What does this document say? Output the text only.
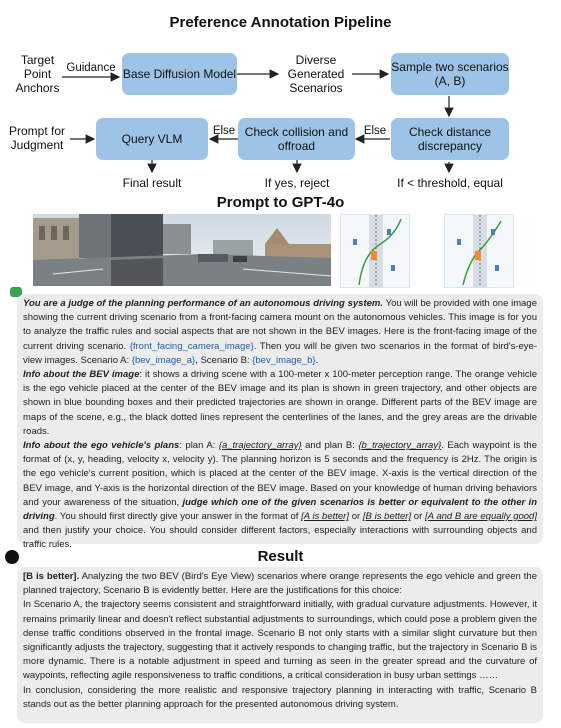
Preference Annotation Pipeline
Target Point Anchors
Guidance Base Diffusion Model
Diverse Generated Scenarios
Sample two scenarios (A, B)
Prompt for Judgment	Query VLM
Else Check collision and offroad
Else	Check distance discrepancy
Final result	If yes, reject	If < threshold, equal
Prompt to GPT-4o
You are a judge of the planning performance of an autonomous driving system. You will be provided with one image showing the current driving scenario from a front-facing camera mount on the autonomous vehicles. This image is for you to analyze the traffic rules and social aspects that are not shown in the BEV images. Here is the front-facing image of the current driving scenario. {front_facing_camera_image}. Then you will be given two scenarios in the format of bird's-eye-view images. Scenario A: {bev_image_a}, Scenario B: {bev_image_b}.
Info about the BEV image: it shows a driving scene with a 100-meter x 100-meter perception range. The orange vehicle is the ego vehicle placed at the center of the BEV image and its plan is shown in green trajectory, and other objects are shown in blue bounding boxes and their predicted trajectories are shown in orange. Different parts of the BEV image are maps of the scene, e.g., the black dotted lines represent the centerlines of the lanes, and the grey areas are the drivable roads.
Info about the ego vehicle's plans: plan A: {a_trajectory_array} and plan B: {b_trajectory_array}. Each waypoint is the format of (x, y, heading, velocity x, velocity y). The planning horizon is 5 seconds and the frequency is 2Hz. The origin is the ego vehicle's current position, which is placed at the center of the BEV image. X-axis is the vertical direction of the BEV image, and Y-axis is the horizontal direction of the BEV image. Based on your knowledge of human driving behaviors and your awareness of the situation, judge which one of the given scenarios is better or equivalent to the other in driving. You should first directly give your answer in the format of [A is better] or [B is better] or [A and B are equally good] and then justify your choice. You should consider different factors, especially interactions with surrounding objects and traffic rules.
Result
[B is better]. Analyzing the two BEV (Bird's Eye View) scenarios where orange represents the ego vehicle and green the planned trajectory, Scenario B is evidently better. Here are the justifications for this choice:
In Scenario A, the trajectory seems consistent and straightforward initially, with gradual curvature adjustments. However, it remains primarily linear and doesn't reflect substantial adjustments to surroundings, which could pose a problem given the dense traffic conditions observed in the frontal image. Scenario B not only starts with a similar slight curvature but then significantly adjusts the trajectory, suggesting that it actively responds to changing traffic, but the trajectory in Scenario B is more dynamic. There is a notable adjustment in speed and turning as seen in the greater spread and the curvature of waypoints, reflecting agile responsiveness to traffic conditions, a critical consideration in busy urban settings ……
In conclusion, considering the more realistic and responsive trajectory planning in interacting with traffic, Scenario B stands out as the better planning approach for the presented autonomous driving system.
